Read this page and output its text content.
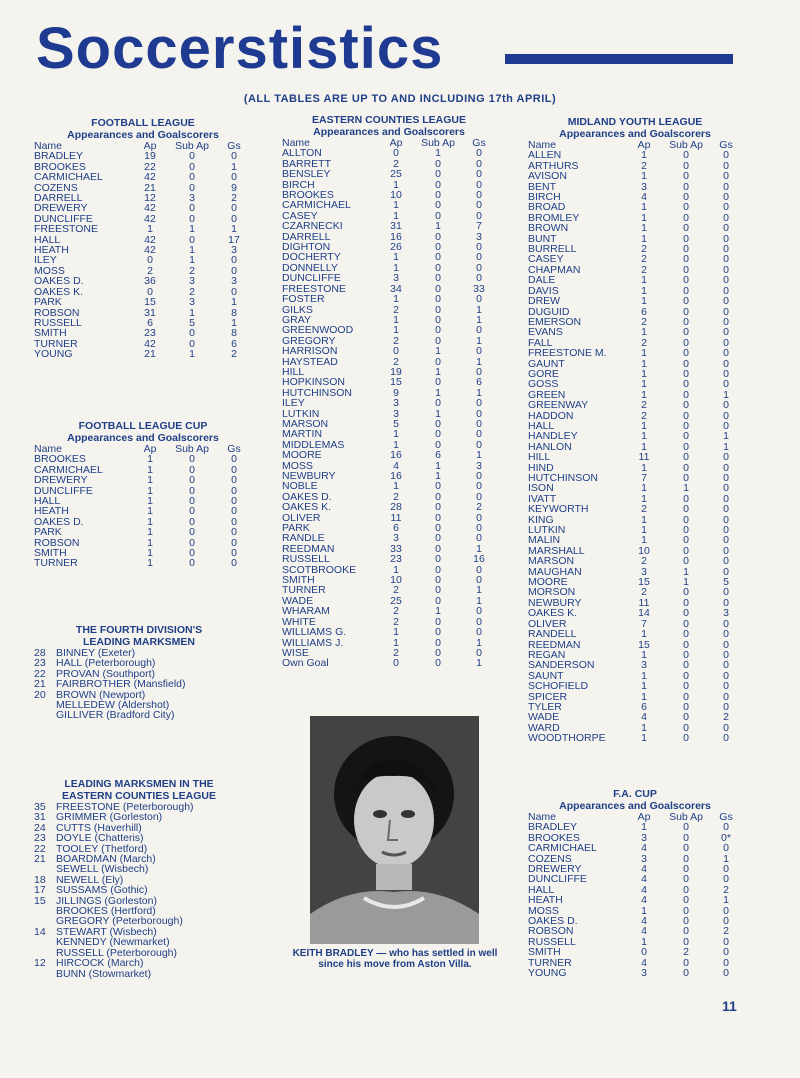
Soccerstistics
(ALL TABLES ARE UP TO AND INCLUDING 17th APRIL)
FOOTBALL LEAGUE
Appearances and Goalscorers
Name	Ap	Sub Ap	Gs
BRADLEY	19	0	0
BROOKES	22	0	1
CARMICHAEL	42	0	0
COZENS	21	0	9
DARRELL	12	3	2
DREWERY	42	0	0
DUNCLIFFE	42	0	0
FREESTONE	1	1	1
HALL	42	0	17
HEATH	42	1	3
ILEY	0	1	0
MOSS	2	2	0
OAKES D.	36	3	3
OAKES K.	0	2	0
PARK	15	3	1
ROBSON	31	1	8
RUSSELL	6	5	1
SMITH	23	0	8
TURNER	42	0	6
YOUNG	21	1	2
FOOTBALL LEAGUE CUP
Appearances and Goalscorers
Name	Ap	Sub Ap	Gs
BROOKES	1	0	0
CARMICHAEL	1	0	0
DREWERY	1	0	0
DUNCLIFFE	1	0	0
HALL	1	0	0
HEATH	1	0	0
OAKES D.	1	0	0
PARK	1	0	0
ROBSON	1	0	0
SMITH	1	0	0
TURNER	1	0	0
THE FOURTH DIVISION'S
LEADING MARKSMEN
28 BINNEY (Exeter)
23 HALL (Peterborough)
22 PROVAN (Southport)
21 FAIRBROTHER (Mansfield)
20 BROWN (Newport)
MELLEDEW (Aldershot)
GILLIVER (Bradford City)
LEADING MARKSMEN IN THE
EASTERN COUNTIES LEAGUE
35 FREESTONE (Peterborough)
31 GRIMMER (Gorleston)
24 CUTTS (Haverhill)
23 DOYLE (Chatteris)
22 TOOLEY (Thetford)
21 BOARDMAN (March)
SEWELL (Wisbech)
18 NEWELL (Ely)
17 SUSSAMS (Gothic)
15 JILLINGS (Gorleston)
BROOKES (Hertford)
GREGORY (Peterborough)
14 STEWART (Wisbech)
KENNEDY (Newmarket)
RUSSELL (Peterborough)
12 HIRCOCK (March)
BUNN (Stowmarket)
EASTERN COUNTIES LEAGUE
Appearances and Goalscorers
Name	Ap	Sub Ap	Gs
ALLTON	0	1	0
BARRETT	2	0	0
BENSLEY	25	0	0
BIRCH	1	0	0
BROOKES	10	0	0
CARMICHAEL	1	0	0
CASEY	1	0	0
CZARNECKI	31	1	7
DARRELL	16	0	3
DIGHTON	26	0	0
DOCHERTY	1	0	0
DONNELLY	1	0	0
DUNCLIFFE	3	0	0
FREESTONE	34	0	33
FOSTER	1	0	0
GILKS	2	0	1
GRAY	1	0	1
GREENWOOD	1	0	0
GREGORY	2	0	1
HARRISON	0	1	0
HAYSTEAD	2	0	1
HILL	19	1	0
HOPKINSON	15	0	6
HUTCHINSON	9	1	1
ILEY	3	0	0
LUTKIN	3	1	0
MARSON	5	0	0
MARTIN	1	0	0
MIDDLEMAS	1	0	0
MOORE	16	6	1
MOSS	4	1	3
NEWBURY	16	1	0
NOBLE	1	0	0
OAKES D.	2	0	0
OAKES K.	28	0	2
OLIVER	11	0	0
PARK	6	0	0
RANDLE	3	0	0
REEDMAN	33	0	1
RUSSELL	23	0	16
SCOTBROOKE	1	0	0
SMITH	10	0	0
TURNER	2	0	1
WADE	25	0	1
WHARAM	2	1	0
WHITE	2	0	0
WILLIAMS G.	1	0	0
WILLIAMS J.	1	0	1
WISE	2	0	0
Own Goal	0	0	1
KEITH BRADLEY — who has settled in well since his move from Aston Villa.
MIDLAND YOUTH LEAGUE
Appearances and Goalscorers
Name	Ap	Sub Ap	Gs
ALLEN	1	0	0
ARTHURS	2	0	0
AVISON	1	0	0
BENT	3	0	0
BIRCH	4	0	0
BROAD	1	0	0
BROMLEY	1	0	0
BROWN	1	0	0
BUNT	1	0	0
BURRELL	2	0	0
CASEY	2	0	0
CHAPMAN	2	0	0
DALE	1	0	0
DAVIS	1	0	0
DREW	1	0	0
DUGUID	6	0	0
EMERSON	2	0	0
EVANS	1	0	0
FALL	2	0	0
FREESTONE M.	1	0	0
GAUNT	1	0	0
GORE	1	0	0
GOSS	1	0	0
GREEN	1	0	1
GREENWAY	2	0	0
HADDON	2	0	0
HALL	1	0	0
HANDLEY	1	0	1
HANLON	1	0	1
HILL	11	0	0
HIND	1	0	0
HUTCHINSON	7	0	0
ISON	1	1	0
IVATT	1	0	0
KEYWORTH	2	0	0
KING	1	0	0
LUTKIN	1	0	0
MALIN	1	0	0
MARSHALL	10	0	0
MARSON	2	0	0
MAUGHAN	3	1	0
MOORE	15	1	5
MORSON	2	0	0
NEWBURY	11	0	0
OAKES K.	14	0	3
OLIVER	7	0	0
RANDELL	1	0	0
REEDMAN	15	0	0
REGAN	1	0	0
SANDERSON	3	0	0
SAUNT	1	0	0
SCHOFIELD	1	0	0
SPICER	1	0	0
TYLER	6	0	0
WADE	4	0	2
WARD	1	0	0
WOODTHORPE	1	0	0
F.A. CUP
Appearances and Goalscorers
Name	Ap	Sub Ap	Gs
BRADLEY	1	0	0
BROOKES	3	0	0*
CARMICHAEL	4	0	0
COZENS	3	0	1
DREWERY	4	0	0
DUNCLIFFE	4	0	0
HALL	4	0	2
HEATH	4	0	1
MOSS	1	0	0
OAKES D.	4	0	0
ROBSON	4	0	2
RUSSELL	1	0	0
SMITH	0	2	0
TURNER	4	0	0
YOUNG	3	0	0
11
